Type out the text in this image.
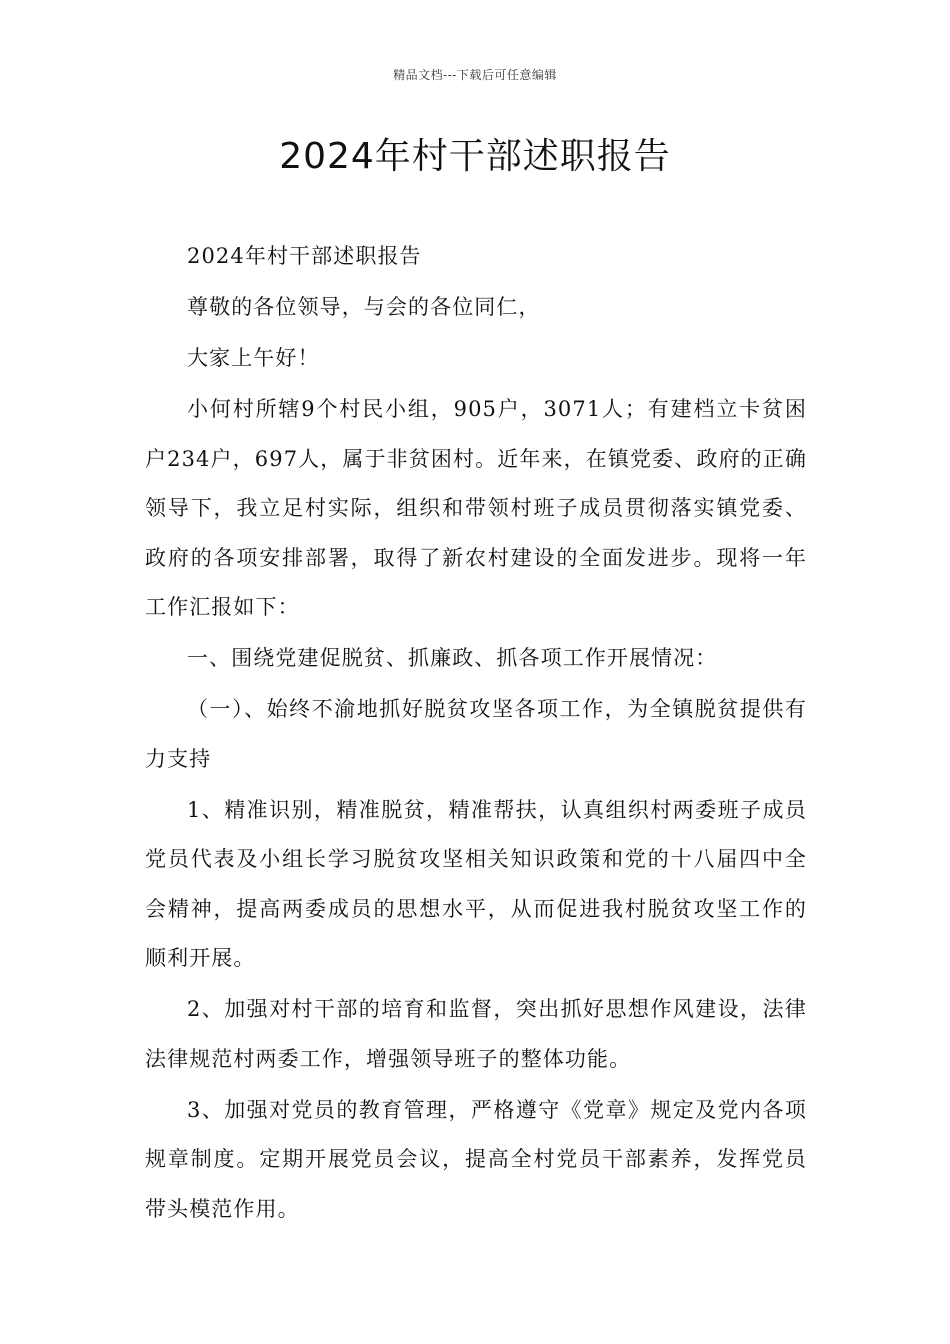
精品文档---下载后可任意编辑
2024年村干部述职报告

2024年村干部述职报告

尊敬的各位领导，与会的各位同仁，

大家上午好！

小何村所辖9个村民小组，905户，3071人；有建档立卡贫困户234户，697人，属于非贫困村。近年来，在镇党委、政府的正确领导下，我立足村实际，组织和带领村班子成员贯彻落实镇党委、政府的各项安排部署，取得了新农村建设的全面发进步。现将一年工作汇报如下：

一、围绕党建促脱贫、抓廉政、抓各项工作开展情况：

（一）、始终不渝地抓好脱贫攻坚各项工作，为全镇脱贫提供有力支持

1、精准识别，精准脱贫，精准帮扶，认真组织村两委班子成员党员代表及小组长学习脱贫攻坚相关知识政策和党的十八届四中全会精神，提高两委成员的思想水平，从而促进我村脱贫攻坚工作的顺利开展。

2、加强对村干部的培育和监督，突出抓好思想作风建设，法律法律规范村两委工作，增强领导班子的整体功能。

3、加强对党员的教育管理，严格遵守《党章》规定及党内各项规章制度。定期开展党员会议，提高全村党员干部素养，发挥党员带头模范作用。
